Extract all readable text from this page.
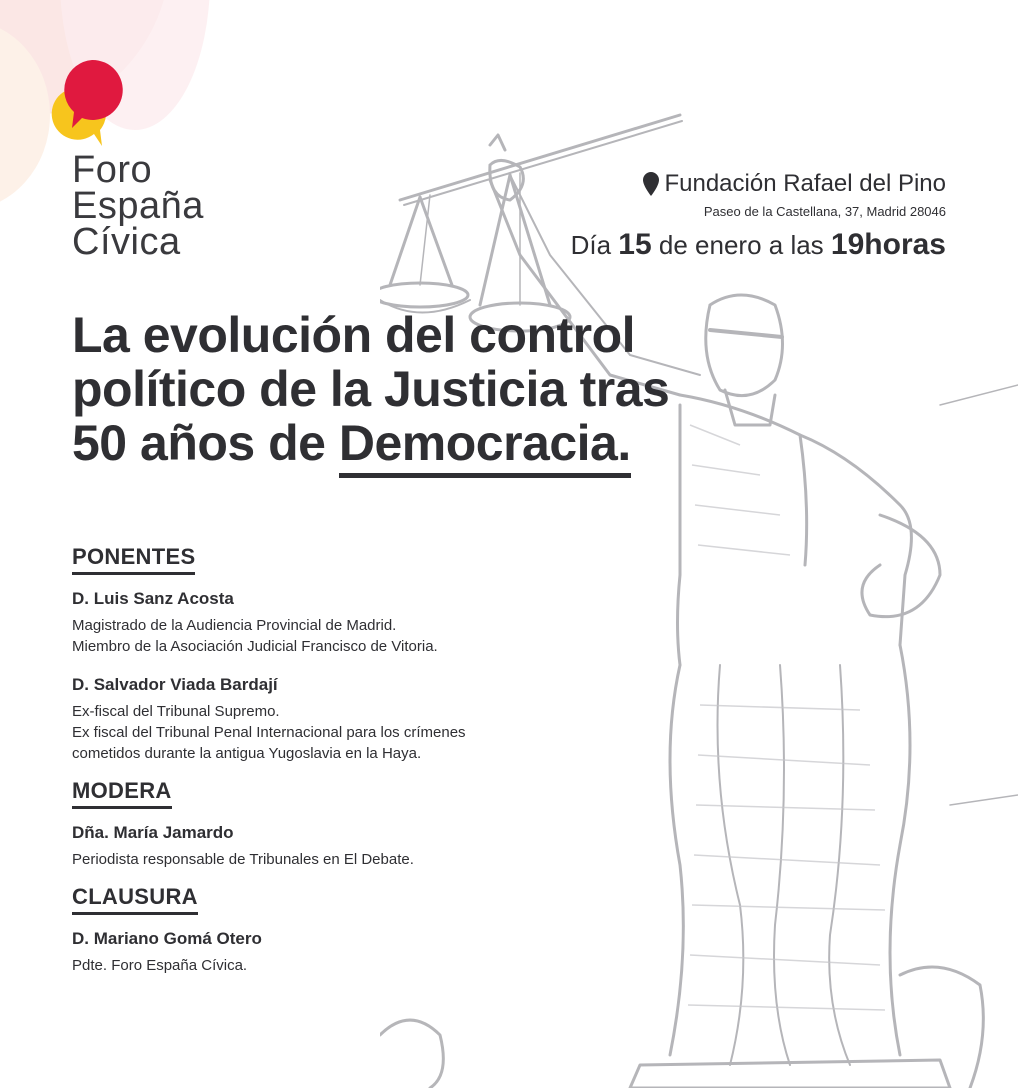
Foro
España
Cívica
Fundación Rafael del Pino
Paseo de la Castellana, 37, Madrid 28046
Día 15 de enero a las 19horas
La evolución del control político de la Justicia tras 50 años de Democracia.
PONENTES
D. Luis Sanz Acosta

Magistrado de la Audiencia Provincial de Madrid.

Miembro de la Asociación Judicial Francisco de Vitoria.

D. Salvador Viada Bardají

Ex-fiscal del Tribunal Supremo.

Ex fiscal del Tribunal Penal Internacional para los crímenes

cometidos durante la antigua Yugoslavia en la Haya.

MODERA
Dña. María Jamardo

Periodista responsable de Tribunales en El Debate.

CLAUSURA
D. Mariano Gomá Otero

Pdte. Foro España Cívica.
